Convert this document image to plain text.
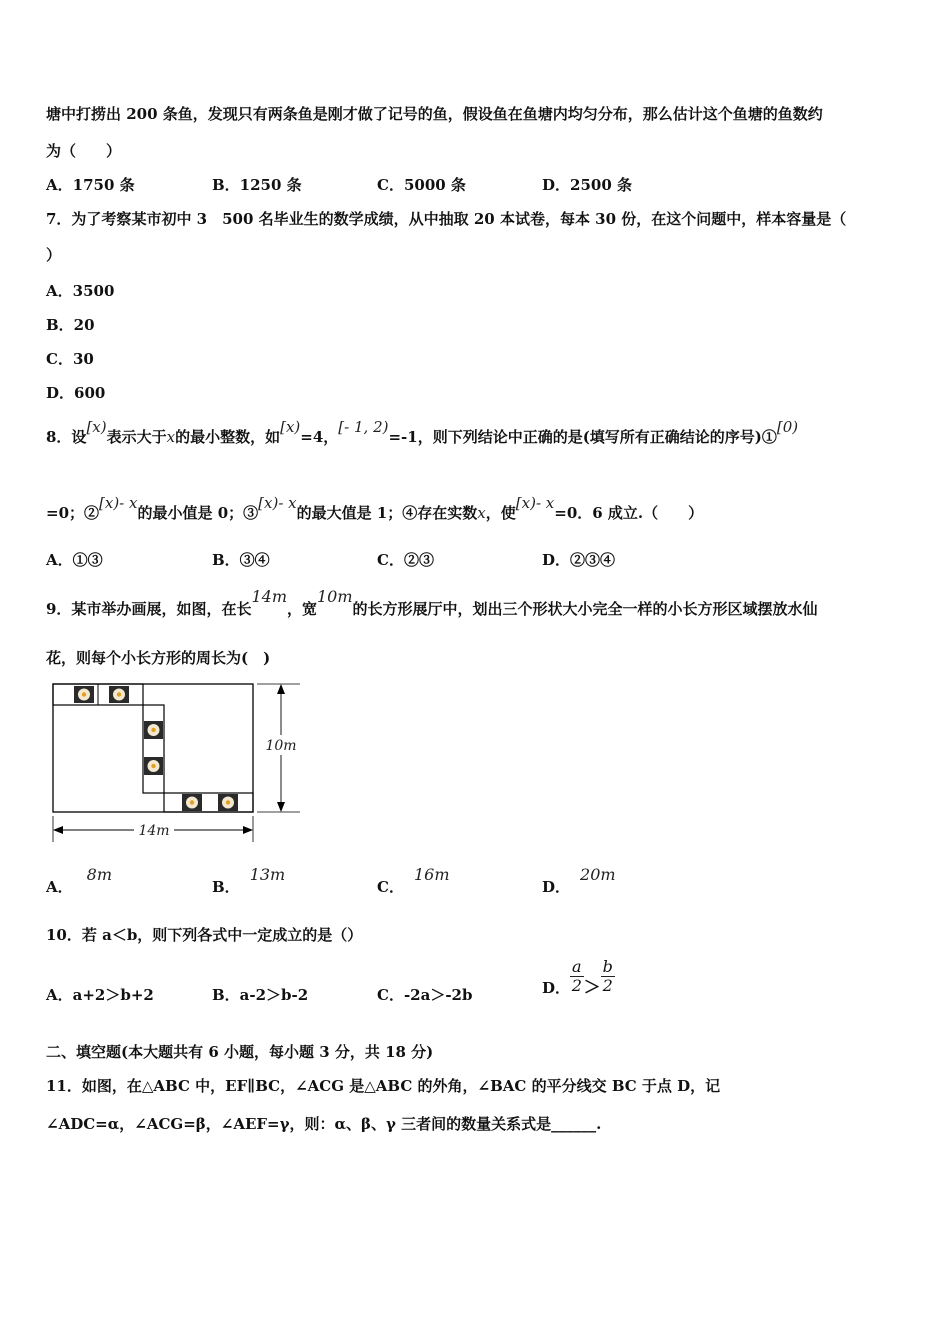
塘中打捞出 200 条鱼，发现只有两条鱼是刚才做了记号的鱼，假设鱼在鱼塘内均匀分布，那么估计这个鱼塘的鱼数约
为（　　）
A．1750 条	B．1250 条	C．5000 条	D．2500 条
7．为了考察某市初中 3　500 名毕业生的数学成绩，从中抽取 20 本试卷，每本 30 份，在这个问题中，样本容量是（
）
A．3500
B．20
C．30
D．600
8．设[x)表示大于x的最小整数，如[x)=4，[- 1, 2)=-1，则下列结论中正确的是(填写所有正确结论的序号)①[0)
=0；②[x)- x的最小值是 0；③[x)- x的最大值是 1；④存在实数x，使[x)- x=0．6 成立.（　　）
A．①③	B．③④	C．②③	D．②③④
9．某市举办画展，如图，在长14m，宽10m的长方形展厅中，划出三个形状大小完全一样的小长方形区域摆放水仙
花，则每个小长方形的周长为(　)
10m
14m
A．8m
B．13m
C．16m
D．20m
10．若 a＜b，则下列各式中一定成立的是（）
A．a+2＞b+2	B．a-2＞b-2	C．-2a＞-2b	D． $\frac{a}{2} > \frac{b}{2}$
二、填空题(本大题共有 6 小题，每小题 3 分，共 18 分)
11．如图，在△ABC 中，EF∥BC，∠ACG 是△ABC 的外角，∠BAC 的平分线交 BC 于点 D，记
∠ADC=α，∠ACG=β，∠AEF=γ，则：α、β、γ 三者间的数量关系式是______.
